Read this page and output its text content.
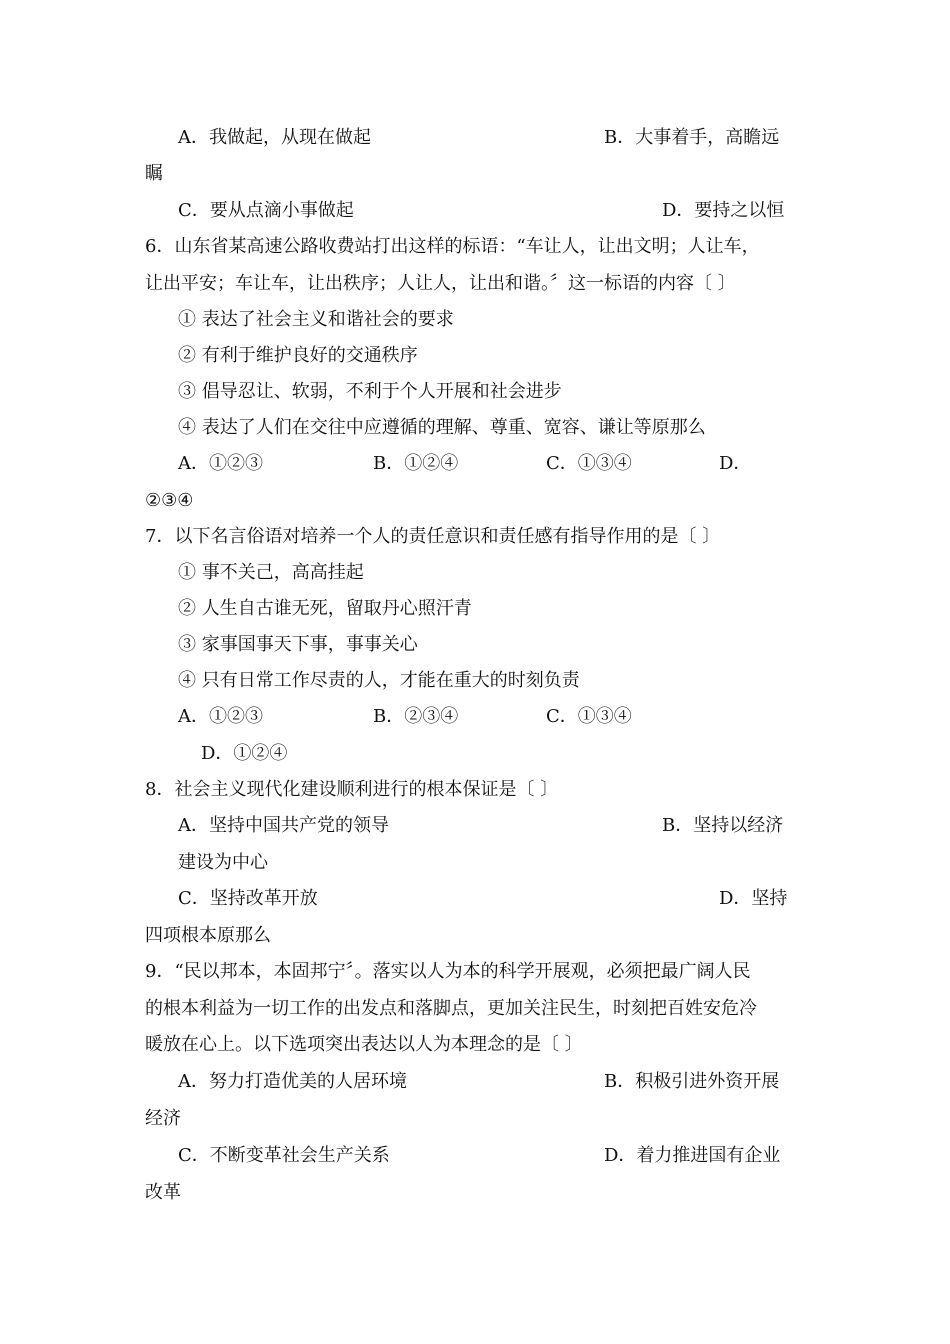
A．我做起，从现在做起	B．大事着手，高瞻远
瞩
C．要从点滴小事做起	D．要持之以恒
6．山东省某高速公路收费站打出这样的标语：“车让人，让出文明；人让车，
让出平安；车让车，让出秩序；人让人，让出和谐。〞这一标语的内容〔 〕
① 表达了社会主义和谐社会的要求
② 有利于维护良好的交通秩序
③ 倡导忍让、软弱，不利于个人开展和社会进步
④ 表达了人们在交往中应遵循的理解、尊重、宽容、谦让等原那么
A．①②③	B．①②④	C．①③④	D．
②③④
7．以下名言俗语对培养一个人的责任意识和责任感有指导作用的是〔 〕
① 事不关己，高高挂起
② 人生自古谁无死，留取丹心照汗青
③ 家事国事天下事，事事关心
④ 只有日常工作尽责的人，才能在重大的时刻负责
A．①②③	B．②③④	C．①③④
D．①②④
8．社会主义现代化建设顺利进行的根本保证是〔 〕
A．坚持中国共产党的领导	B．坚持以经济
建设为中心
C．坚持改革开放	D．坚持
四项根本原那么
9．“民以邦本，本固邦宁〞。落实以人为本的科学开展观，必须把最广阔人民
的根本利益为一切工作的出发点和落脚点，更加关注民生，时刻把百姓安危冷
暖放在心上。以下选项突出表达以人为本理念的是〔 〕
A．努力打造优美的人居环境	B．积极引进外资开展
经济
C．不断变革社会生产关系	D．着力推进国有企业
改革
